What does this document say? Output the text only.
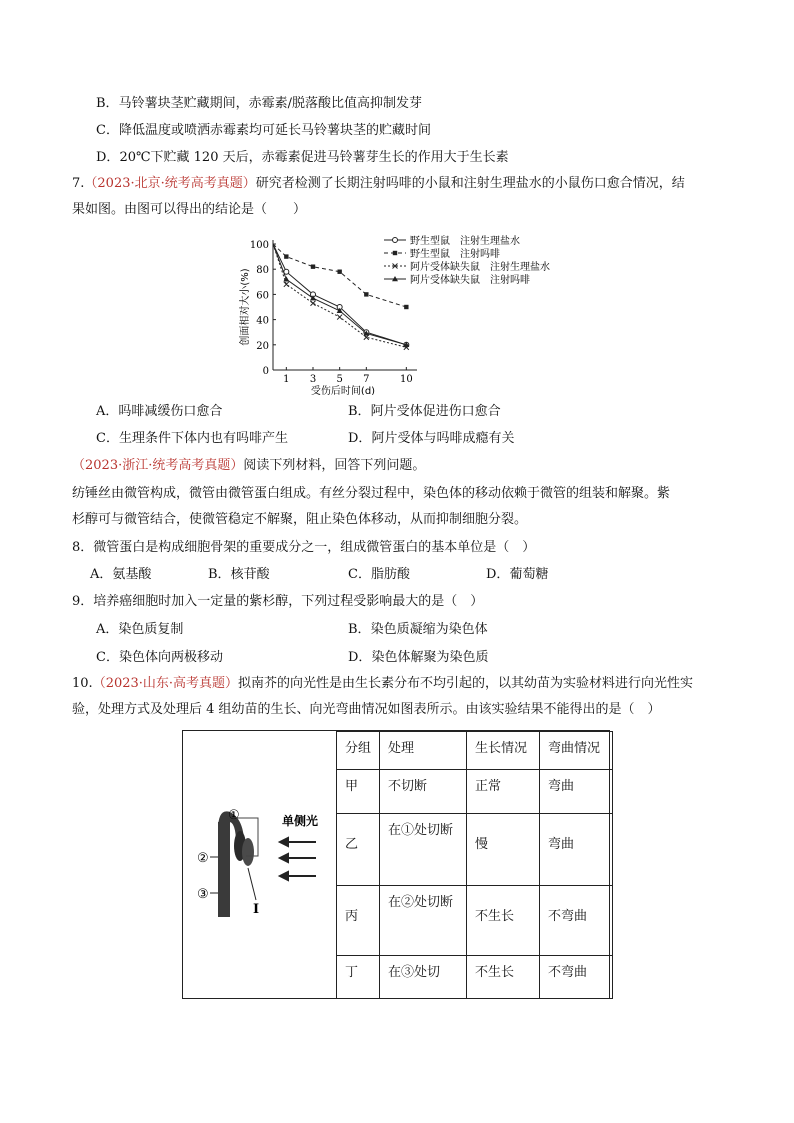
B．马铃薯块茎贮藏期间，赤霉素/脱落酸比值高抑制发芽
C．降低温度或喷洒赤霉素均可延长马铃薯块茎的贮藏时间
D．20℃下贮藏 120 天后，赤霉素促进马铃薯芽生长的作用大于生长素
7.（2023·北京·统考高考真题）研究者检测了长期注射吗啡的小鼠和注射生理盐水的小鼠伤口愈合情况，结
果如图。由图可以得出的结论是（　　）
0
20
40
60
80
100
1 3 5 7	10
受伤后时间(d)
创面相对大小(%)
野生型鼠　注射生理盐水
野生型鼠　注射吗啡
阿片受体缺失鼠　注射生理盐水
阿片受体缺失鼠　注射吗啡
A．吗啡减缓伤口愈合	B．阿片受体促进伤口愈合
C．生理条件下体内也有吗啡产生	D．阿片受体与吗啡成瘾有关
（2023·浙江·统考高考真题）阅读下列材料，回答下列问题。
纺锤丝由微管构成，微管由微管蛋白组成。有丝分裂过程中，染色体的移动依赖于微管的组装和解聚。紫
杉醇可与微管结合，使微管稳定不解聚，阻止染色体移动，从而抑制细胞分裂。
8．微管蛋白是构成细胞骨架的重要成分之一，组成微管蛋白的基本单位是（　）
A．氨基酸	B．核苷酸	C．脂肪酸	D．葡萄糖
9．培养癌细胞时加入一定量的紫杉醇，下列过程受影响最大的是（　）
A．染色质复制	B．染色质凝缩为染色体
C．染色体向两极移动	D．染色体解聚为染色质
10.（2023·山东·高考真题）拟南芥的向光性是由生长素分布不均引起的，以其幼苗为实验材料进行向光性实
验，处理方式及处理后 4 组幼苗的生长、向光弯曲情况如图表所示。由该实验结果不能得出的是（　）
①
②
③
I
单侧光
分组	处理	生长情况	弯曲情况
甲	不切断	正常	弯曲
乙	在①处切断	慢	弯曲
丙	在②处切断	不生长	不弯曲
丁	在③处切	不生长	不弯曲
